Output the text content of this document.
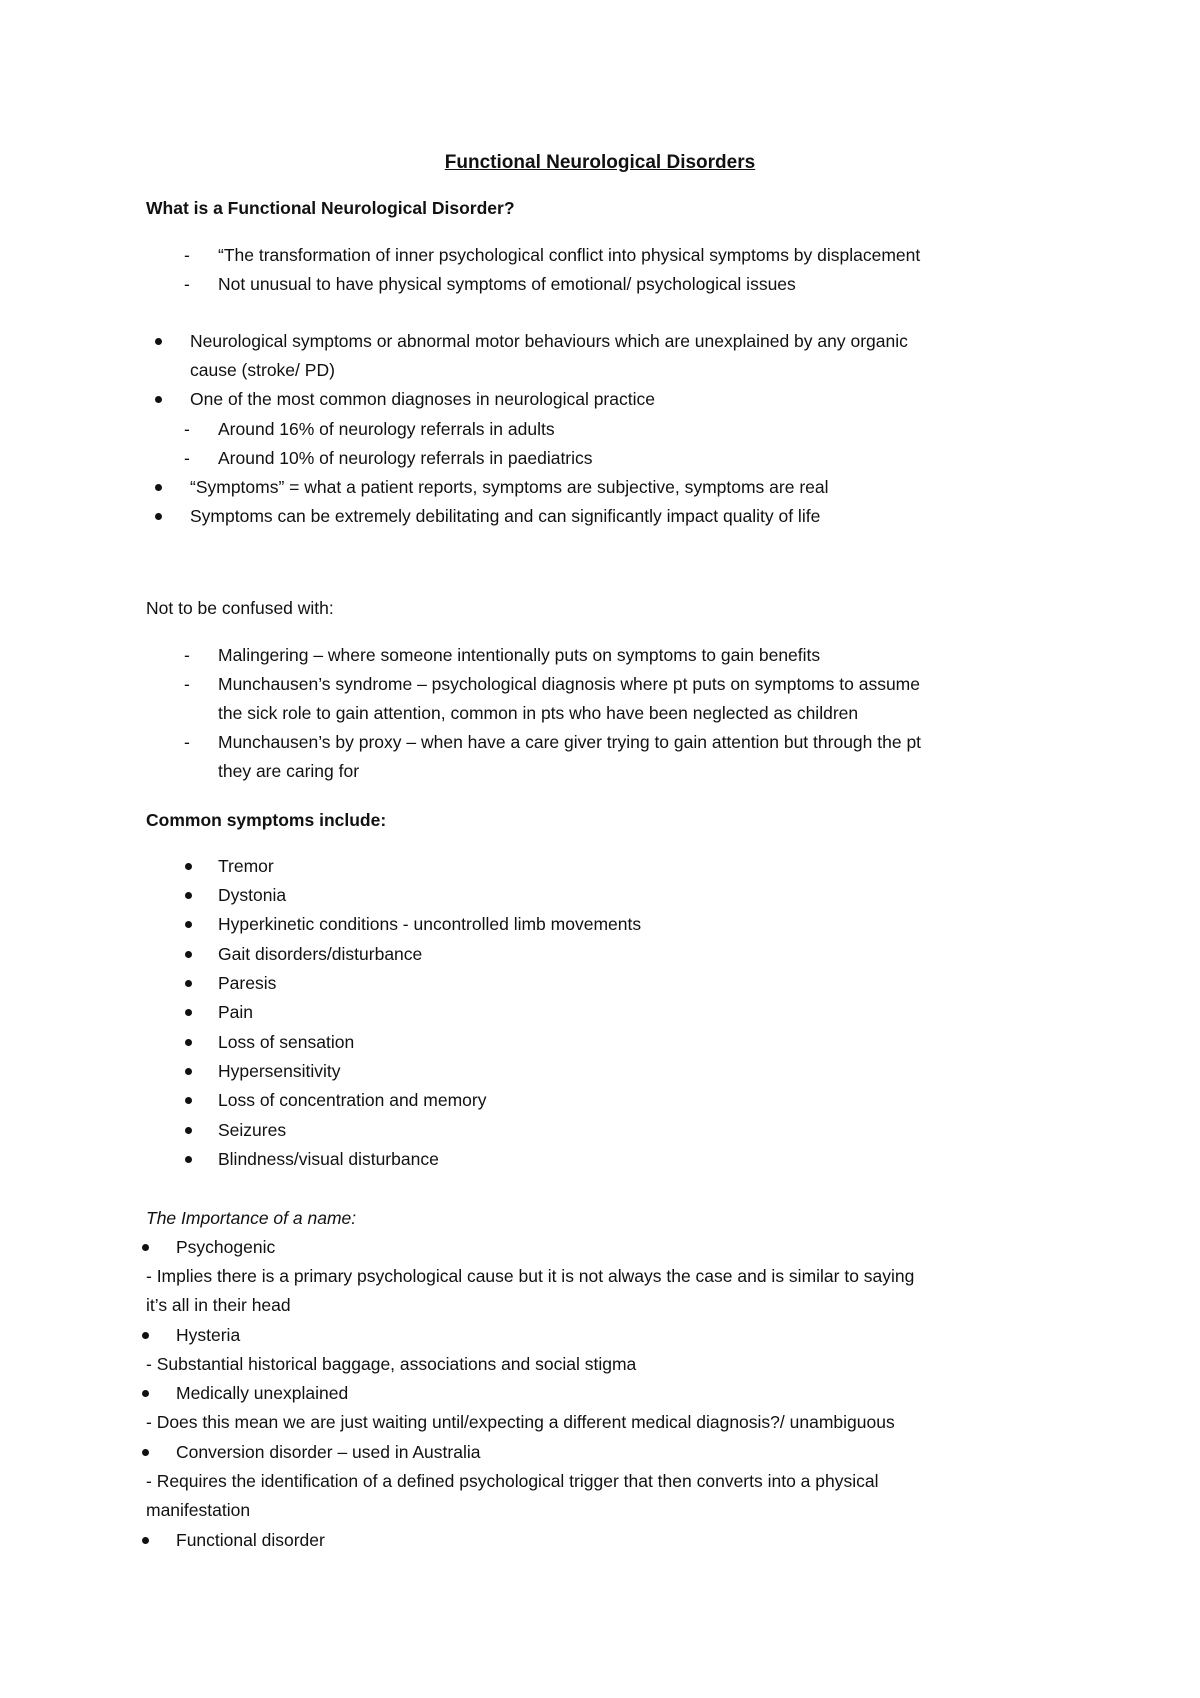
Functional Neurological Disorders
What is a Functional Neurological Disorder?
- “The transformation of inner psychological conflict into physical symptoms by displacement
- Not unusual to have physical symptoms of emotional/ psychological issues
Neurological symptoms or abnormal motor behaviours which are unexplained by any organic
cause (stroke/ PD)
One of the most common diagnoses in neurological practice
- Around 16% of neurology referrals in adults
- Around 10% of neurology referrals in paediatrics
“Symptoms” = what a patient reports, symptoms are subjective, symptoms are real
Symptoms can be extremely debilitating and can significantly impact quality of life
Not to be confused with:
- Malingering – where someone intentionally puts on symptoms to gain benefits
- Munchausen’s syndrome – psychological diagnosis where pt puts on symptoms to assume
the sick role to gain attention, common in pts who have been neglected as children
- Munchausen’s by proxy – when have a care giver trying to gain attention but through the pt
they are caring for
Common symptoms include:
Tremor
Dystonia
Hyperkinetic conditions - uncontrolled limb movements
Gait disorders/disturbance
Paresis
Pain
Loss of sensation
Hypersensitivity
Loss of concentration and memory
Seizures
Blindness/visual disturbance
The Importance of a name:
Psychogenic
- Implies there is a primary psychological cause but it is not always the case and is similar to saying
it’s all in their head
Hysteria
- Substantial historical baggage, associations and social stigma
Medically unexplained
- Does this mean we are just waiting until/expecting a different medical diagnosis?/ unambiguous
Conversion disorder – used in Australia
- Requires the identification of a defined psychological trigger that then converts into a physical
manifestation
Functional disorder
